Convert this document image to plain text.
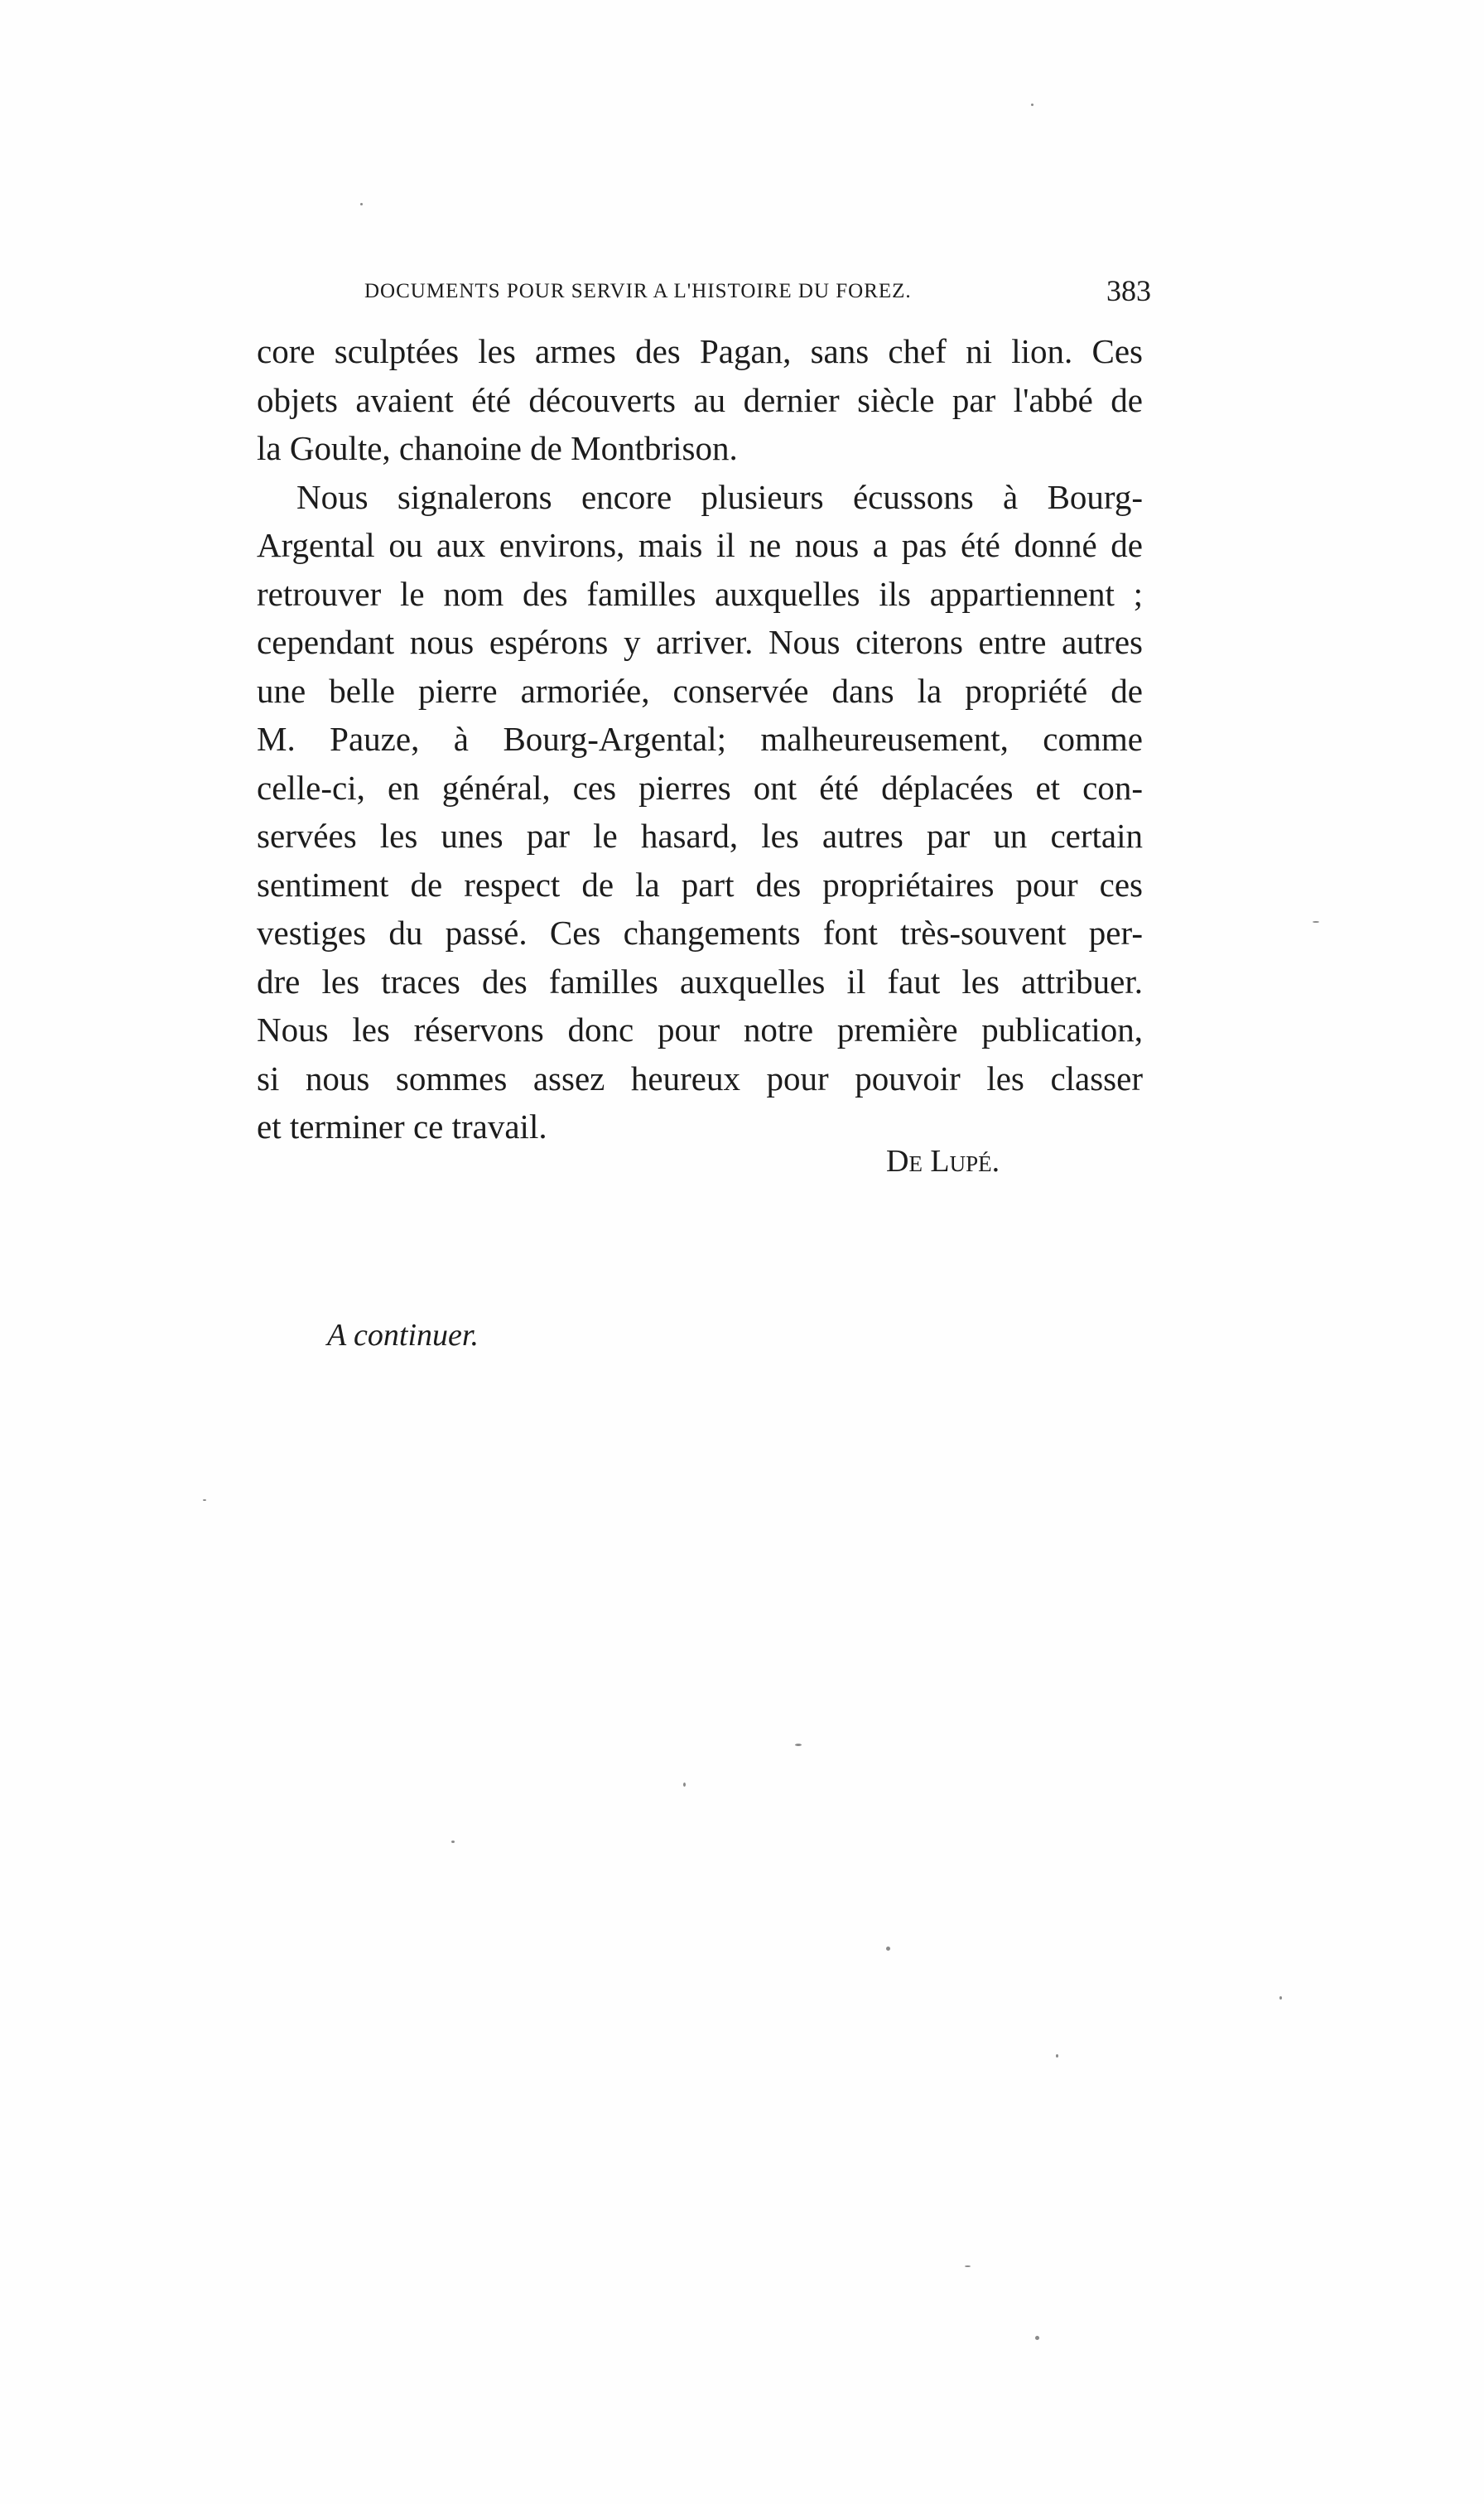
DOCUMENTS POUR SERVIR A L'HISTOIRE DU FOREZ.	383
core sculptées les armes des Pagan, sans chef ni lion. Ces
objets avaient été découverts au dernier siècle par l'abbé de
la Goulte, chanoine de Montbrison.
Nous signalerons encore plusieurs écussons à Bourg-
Argental ou aux environs, mais il ne nous a pas été donné de
retrouver le nom des familles auxquelles ils appartiennent ;
cependant nous espérons y arriver. Nous citerons entre autres
une belle pierre armoriée, conservée dans la propriété de
M. Pauze, à Bourg-Argental; malheureusement, comme
celle-ci, en général, ces pierres ont été déplacées et con-
servées les unes par le hasard, les autres par un certain
sentiment de respect de la part des propriétaires pour ces
vestiges du passé. Ces changements font très-souvent per-
dre les traces des familles auxquelles il faut les attribuer.
Nous les réservons donc pour notre première publication,
si nous sommes assez heureux pour pouvoir les classer
et terminer ce travail.
De Lupé.
A continuer.
